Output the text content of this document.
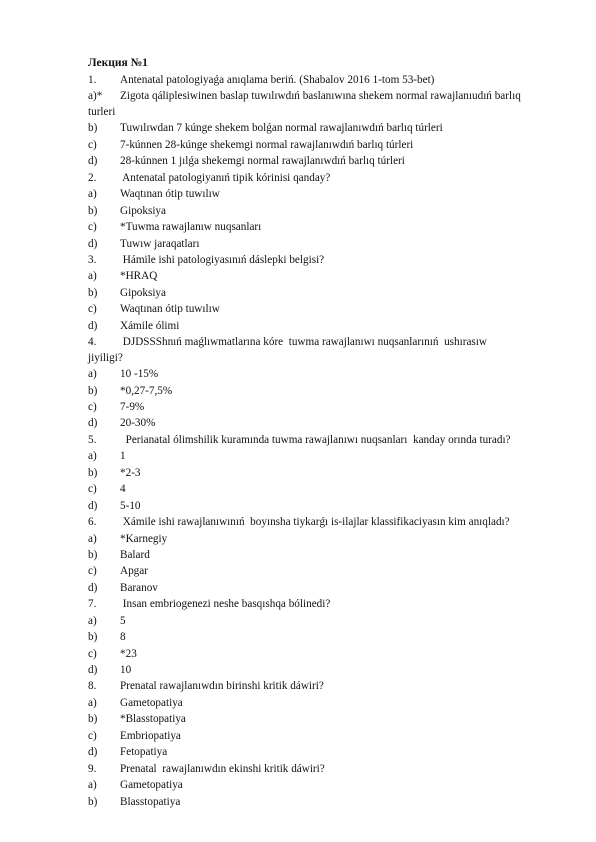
Лекция №1
1.	Antenatal patologiyaǵa anıqlama beriń. (Shabalov 2016 1-tom 53-bet)
a)*	Zigota qáliplesiwinen baslap tuwılıwdıń baslanıwına shekem normal rawajlanıudıń barlıq
turleri
b)	Tuwılıwdan 7 kúnge shekem bolǵan normal rawajlanıwdıń barlıq túrleri
c)	7-kúnnen 28-kúnge shekemgi normal rawajlanıwdıń barlıq túrleri
d)	28-kúnnen 1 jılǵa shekemgi normal rawajlanıwdıń barlıq túrleri
2.	Antenatal patologiyanıń tipik kórinisi qanday?
a)	Waqtınan ótip tuwılıw
b)	Gipoksiya
c)	*Tuwma rawajlanıw nuqsanları
d)	Tuwıw jaraqatları
3.	Hámile ishi patologiyasınıń dáslepki belgisi?
a)	*HRAQ
b)	Gipoksiya
c)	Waqtınan ótip tuwılıw
d)	Xámile ólimi
4.	DJDSSShnıń maǵlıwmatlarına kóre  tuwma rawajlanıwı nuqsanlarınıń  ushırasıw
jiyiligi?
a)	10 -15%
b)	*0,27-7,5%
c)	7-9%
d)	20-30%
5.	Perianatal ólimshilik kuramında tuwma rawajlanıwı nuqsanları  kanday orında turadı?
a)	1
b)	*2-3
c)	4
d)	5-10
6.	Xámile ishi rawajlanıwınıń  boyınsha tiykarǵı is-ilajlar klassifikaciyasın kim anıqladı?
a)	*Karnegiy
b)	Balard
c)	Apgar
d)	Baranov
7.	Insan embriogenezi neshe basqıshqa bólinedi?
a)	5
b)	8
c)	*23
d)	10
8.	Prenatal rawajlanıwdın birinshi kritik dáwiri?
a)	Gametopatiya
b)	*Blasstopatiya
c)	Embriopatiya
d)	Fetopatiya
9.	Prenatal  rawajlanıwdın ekinshi kritik dáwiri?
a)	Gametopatiya
b)	Blasstopatiya
